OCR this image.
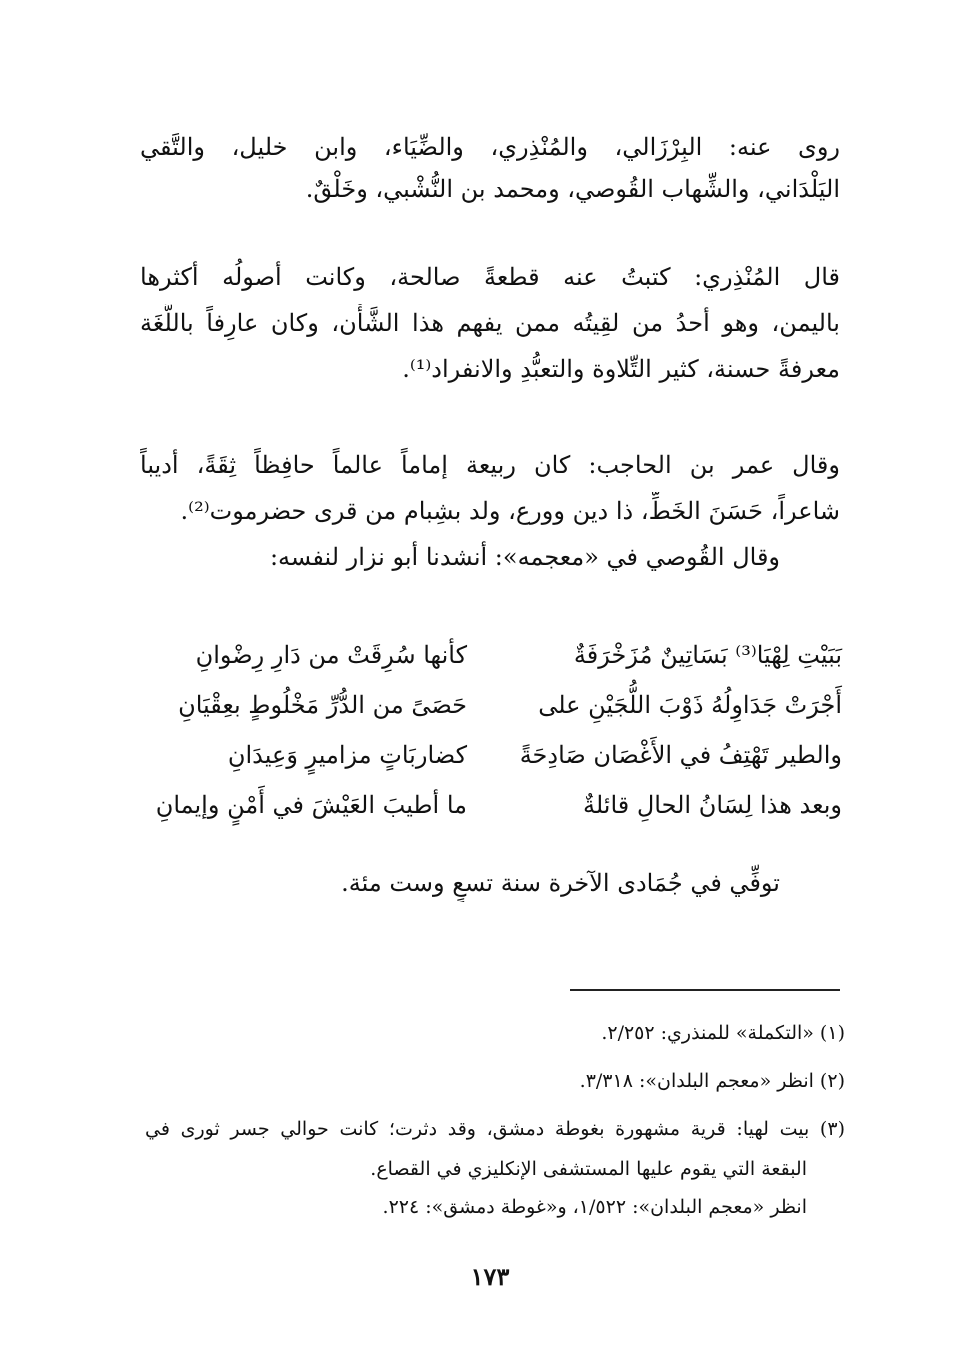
روى عنه: البِرْزَالي، والمُنْذِري، والضِّيَاء، وابن خليل، والتَّقي
اليَلْدَاني، والشِّهاب القُوصي، ومحمد بن النُّشْبي، وخَلْقٌ.
قال المُنْذِري: كتبتُ عنه قطعةً صالحة، وكانت أصولُه أكثرها
باليمن، وهو أحدُ من لقِيتُه ممن يفهم هذا الشَّأْن، وكان عارِفاً باللُّغَة
معرفةً حسنة، كثير التِّلاوة والتعبُّدِ والانفراد⁽¹⁾.
وقال عمر بن الحاجب: كان ربيعة إماماً عالماً حافِظاً ثِقَةً، أديباً
شاعراً، حَسَنَ الخَطِّ، ذا دين وورع، ولد بشِبام من قرى حضرموت⁽²⁾.
وقال القُوصي في «معجمه»: أنشدنا أبو نزار لنفسه:
بَبَيْتِ لِهْيَا⁽³⁾ بَسَاتِينٌ مُزَخْرَفَةٌ
كأنها سُرِقَتْ من دَارِ رِضْوانِ
أَجْرَتْ جَدَاوِلُهُ ذَوْبَ اللُّجَيْنِ على
حَصَىً من الدُّرِّ مَخْلُوطٍ بعِقْيَانِ
والطير تَهْتِفُ في الأَغْصَان صَادِحَةً
كضاربَاتٍ مزاميرٍ وَعِيدَانِ
وبعد هذا لِسَانُ الحالِ قائلةٌ
ما أطيبَ العَيْشَ في أَمْنٍ وإيمانِ
توفِّي في جُمَادى الآخرة سنة تسعٍ وست مئة.
(١) «التكملة» للمنذري: ٢/٢٥٢.
(٢) انظر «معجم البلدان»: ٣/٣١٨.
(٣) بيت لهيا: قرية مشهورة بغوطة دمشق، وقد دثرت؛ كانت حوالي جسر ثورى في
البقعة التي يقوم عليها المستشفى الإنكليزي في القصاع.
انظر «معجم البلدان»: ١/٥٢٢، و«غوطة دمشق»: ٢٢٤.
١٧٣
